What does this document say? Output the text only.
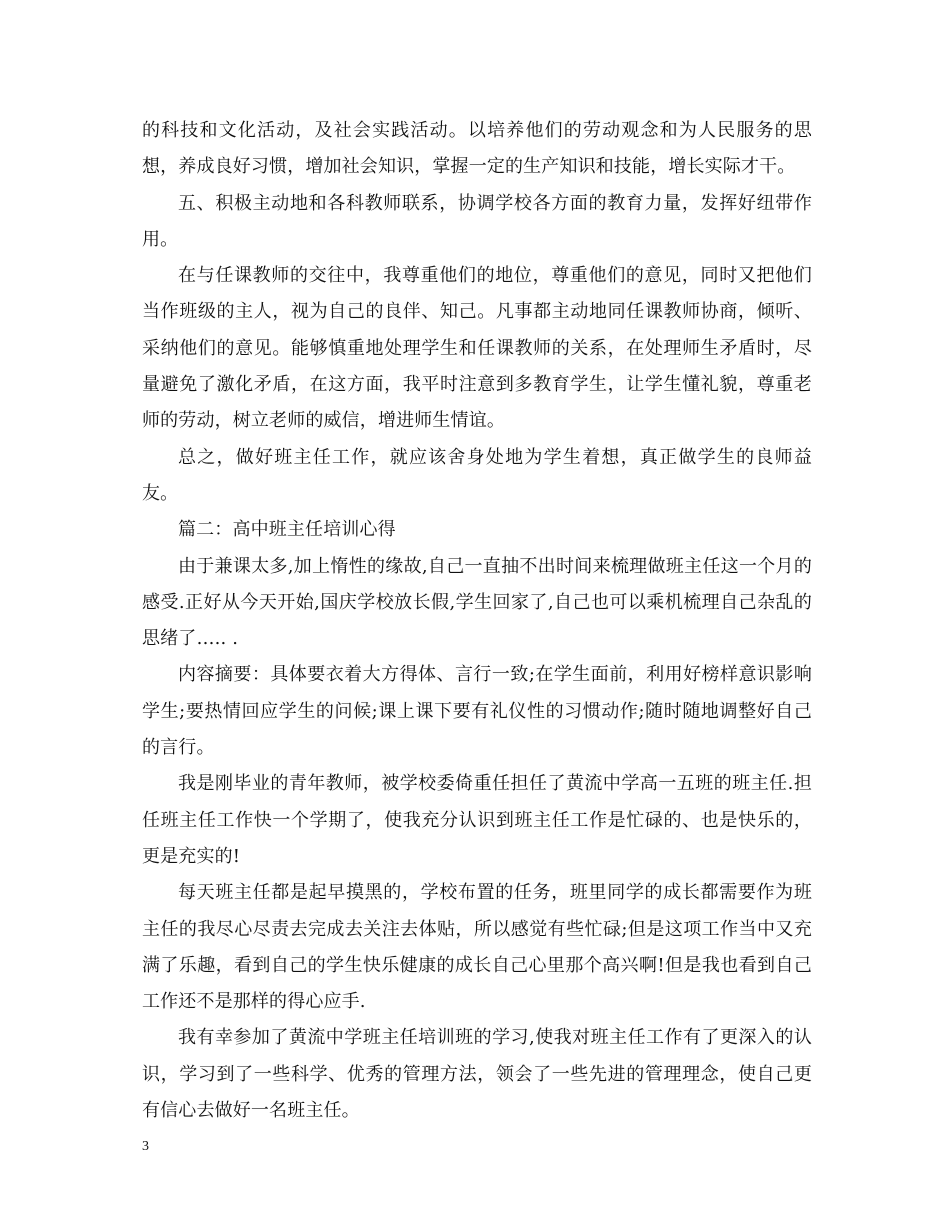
的科技和文化活动，及社会实践活动。以培养他们的劳动观念和为人民服务的思想，养成良好习惯，增加社会知识，掌握一定的生产知识和技能，增长实际才干。

五、积极主动地和各科教师联系，协调学校各方面的教育力量，发挥好纽带作用。

在与任课教师的交往中，我尊重他们的地位，尊重他们的意见，同时又把他们当作班级的主人，视为自己的良伴、知己。凡事都主动地同任课教师协商，倾听、采纳他们的意见。能够慎重地处理学生和任课教师的关系，在处理师生矛盾时，尽量避免了激化矛盾，在这方面，我平时注意到多教育学生，让学生懂礼貌，尊重老师的劳动，树立老师的威信，增进师生情谊。

总之，做好班主任工作，就应该舍身处地为学生着想，真正做学生的良师益友。

篇二：高中班主任培训心得

由于兼课太多,加上惰性的缘故,自己一直抽不出时间来梳理做班主任这一个月的感受.正好从今天开始,国庆学校放长假,学生回家了,自己也可以乘机梳理自己杂乱的思绪了….. .

内容摘要：具体要衣着大方得体、言行一致;在学生面前，利用好榜样意识影响学生;要热情回应学生的问候;课上课下要有礼仪性的习惯动作;随时随地调整好自己的言行。

我是刚毕业的青年教师，被学校委倚重任担任了黄流中学高一五班的班主任.担任班主任工作快一个学期了，使我充分认识到班主任工作是忙碌的、也是快乐的，更是充实的!

每天班主任都是起早摸黑的，学校布置的任务，班里同学的成长都需要作为班主任的我尽心尽责去完成去关注去体贴，所以感觉有些忙碌;但是这项工作当中又充满了乐趣，看到自己的学生快乐健康的成长自己心里那个高兴啊!但是我也看到自己工作还不是那样的得心应手.

我有幸参加了黄流中学班主任培训班的学习,使我对班主任工作有了更深入的认识，学习到了一些科学、优秀的管理方法，领会了一些先进的管理理念，使自己更有信心去做好一名班主任。

3
